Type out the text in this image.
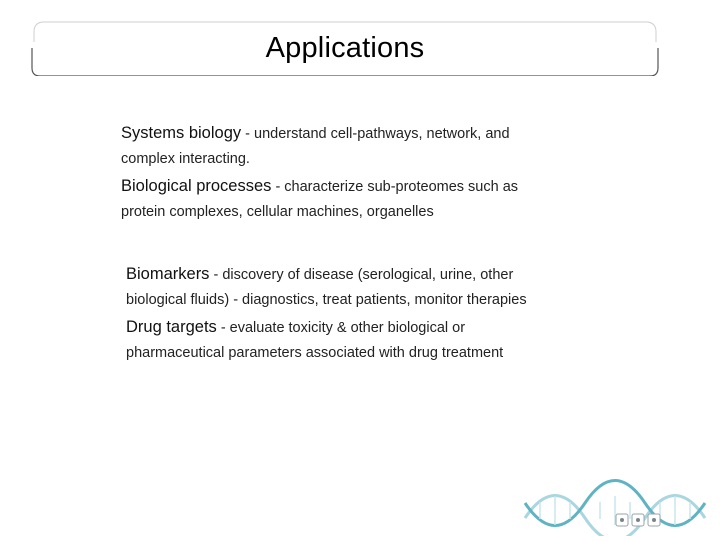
Applications
Systems biology - understand cell-pathways, network, and
complex interacting.
Biological processes - characterize sub-proteomes such as
protein complexes, cellular machines, organelles
Biomarkers - discovery of disease (serological, urine, other
biological fluids) - diagnostics, treat patients, monitor therapies
Drug targets - evaluate toxicity & other biological or
pharmaceutical parameters associated with drug treatment
